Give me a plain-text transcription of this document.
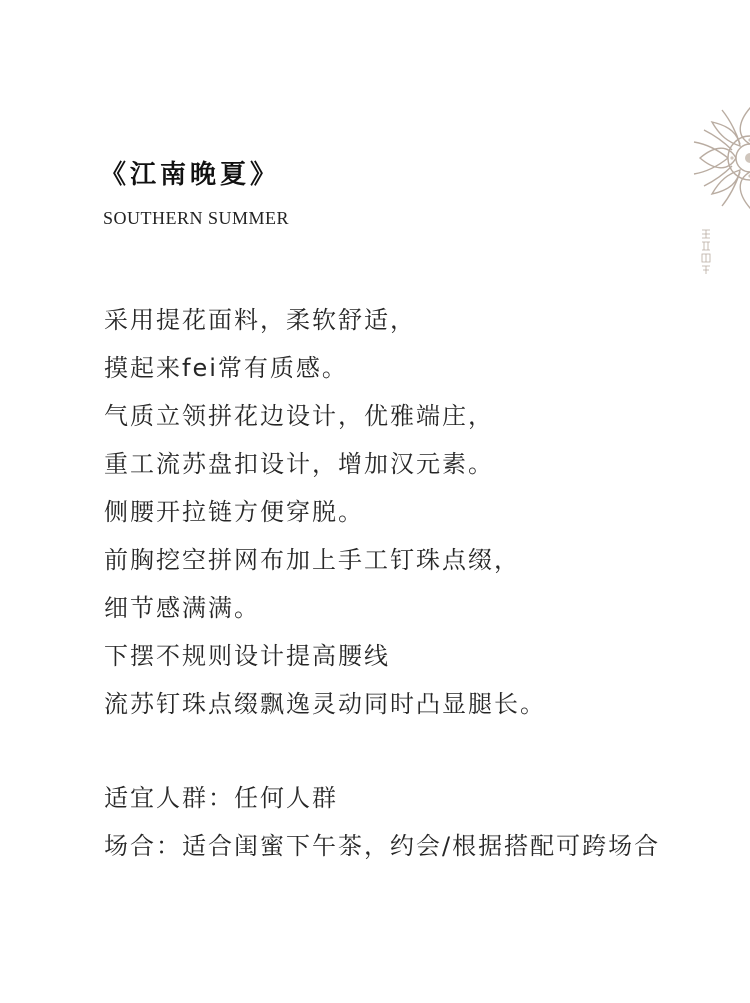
《江南晚夏》
SOUTHERN SUMMER
采用提花面料，柔软舒适，
摸起来fei常有质感。
气质立领拼花边设计，优雅端庄，
重工流苏盘扣设计，增加汉元素。
侧腰开拉链方便穿脱。
前胸挖空拼网布加上手工钉珠点缀，
细节感满满。
下摆不规则设计提高腰线
流苏钉珠点缀飘逸灵动同时凸显腿长。
适宜人群：任何人群
场合：适合闺蜜下午茶，约会/根据搭配可跨场合
